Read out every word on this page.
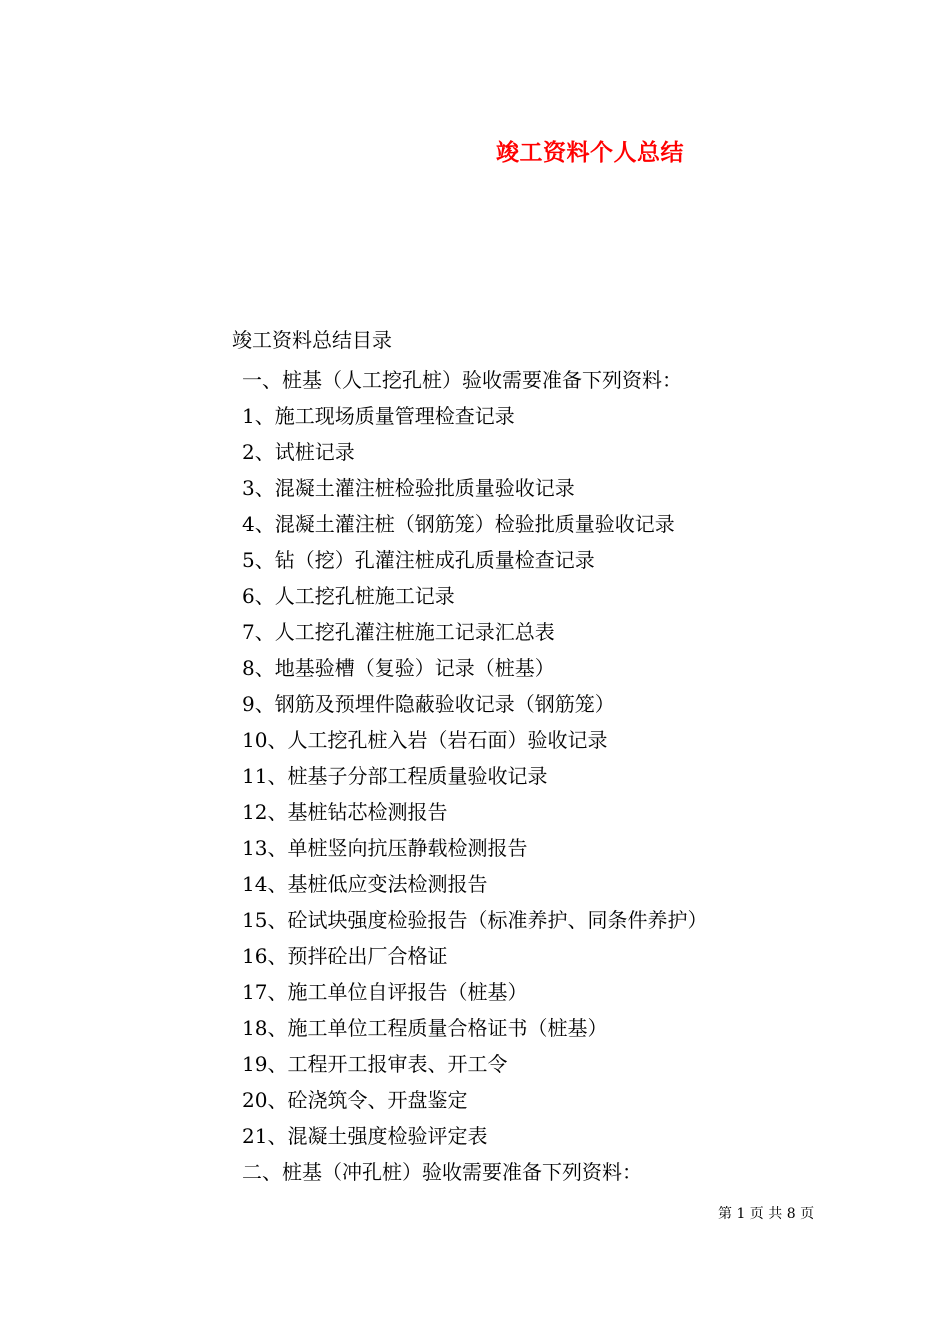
竣工资料个人总结

竣工资料总结目录

一、桩基（人工挖孔桩）验收需要准备下列资料：
1、施工现场质量管理检查记录
2、试桩记录
3、混凝土灌注桩检验批质量验收记录
4、混凝土灌注桩（钢筋笼）检验批质量验收记录
5、钻（挖）孔灌注桩成孔质量检查记录
6、人工挖孔桩施工记录
7、人工挖孔灌注桩施工记录汇总表
8、地基验槽（复验）记录（桩基）
9、钢筋及预埋件隐蔽验收记录（钢筋笼）
10、人工挖孔桩入岩（岩石面）验收记录
11、桩基子分部工程质量验收记录
12、基桩钻芯检测报告
13、单桩竖向抗压静载检测报告
14、基桩低应变法检测报告
15、砼试块强度检验报告（标准养护、同条件养护）
16、预拌砼出厂合格证
17、施工单位自评报告（桩基）
18、施工单位工程质量合格证书（桩基）
19、工程开工报审表、开工令
20、砼浇筑令、开盘鉴定
21、混凝土强度检验评定表
二、桩基（冲孔桩）验收需要准备下列资料：
第 1 页 共 8 页
